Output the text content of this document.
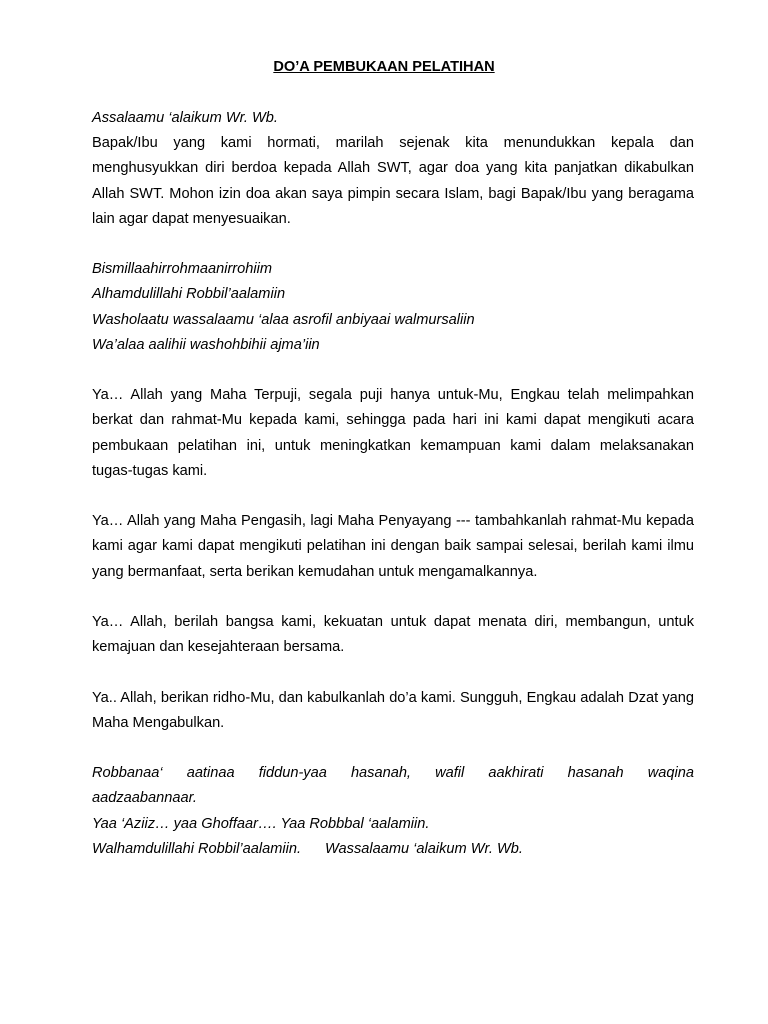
DO’A PEMBUKAAN PELATIHAN

Assalaamu ‘alaikum Wr. Wb.

Bapak/Ibu yang kami hormati, marilah sejenak kita menundukkan kepala dan menghusyukkan diri berdoa kepada Allah SWT, agar doa yang kita panjatkan dikabulkan Allah SWT. Mohon izin doa akan saya pimpin secara Islam, bagi Bapak/Ibu yang beragama lain agar dapat menyesuaikan.

Bismillaahirrohmaanirrohiim

Alhamdulillahi Robbil’aalamiin

Washolaatu wassalaamu ‘alaa asrofil anbiyaai walmursaliin

Wa’alaa aalihii washohbihii ajma’iin

Ya… Allah yang Maha Terpuji, segala puji hanya untuk-Mu, Engkau telah melimpahkan berkat dan rahmat-Mu kepada kami, sehingga pada hari ini kami dapat mengikuti acara pembukaan pelatihan ini, untuk meningkatkan kemampuan kami dalam melaksanakan tugas-tugas kami.

Ya… Allah yang Maha Pengasih, lagi Maha Penyayang --- tambahkanlah rahmat-Mu kepada kami agar kami dapat mengikuti pelatihan ini dengan baik sampai selesai, berilah kami ilmu yang bermanfaat, serta berikan kemudahan untuk mengamalkannya.

Ya… Allah, berilah bangsa kami, kekuatan untuk dapat menata diri, membangun, untuk kemajuan dan kesejahteraan bersama.

Ya.. Allah, berikan ridho-Mu, dan kabulkanlah do’a kami. Sungguh, Engkau adalah Dzat yang Maha Mengabulkan.

Robbanaa‘ aatinaa fiddun-yaa hasanah, wafil aakhirati hasanah waqina

aadzaabannaar.

Yaa ‘Aziiz… yaa Ghoffaar…. Yaa Robbbal ‘aalamiin.

Walhamdulillahi Robbil’aalamiin. Wassalaamu ‘alaikum Wr. Wb.
